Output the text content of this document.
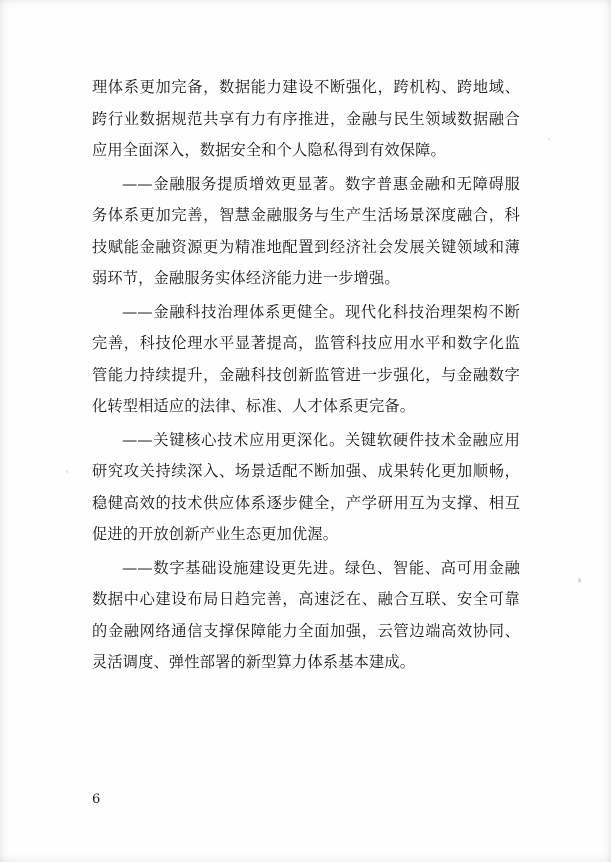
理体系更加完备，数据能力建设不断强化，跨机构、跨地域、跨行业数据规范共享有力有序推进，金融与民生领域数据融合应用全面深入，数据安全和个人隐私得到有效保障。

——金融服务提质增效更显著。数字普惠金融和无障碍服务体系更加完善，智慧金融服务与生产生活场景深度融合，科技赋能金融资源更为精准地配置到经济社会发展关键领域和薄弱环节，金融服务实体经济能力进一步增强。

——金融科技治理体系更健全。现代化科技治理架构不断完善，科技伦理水平显著提高，监管科技应用水平和数字化监管能力持续提升，金融科技创新监管进一步强化，与金融数字化转型相适应的法律、标准、人才体系更完备。

——关键核心技术应用更深化。关键软硬件技术金融应用研究攻关持续深入、场景适配不断加强、成果转化更加顺畅，稳健高效的技术供应体系逐步健全，产学研用互为支撑、相互促进的开放创新产业生态更加优渥。

——数字基础设施建设更先进。绿色、智能、高可用金融数据中心建设布局日趋完善，高速泛在、融合互联、安全可靠的金融网络通信支撑保障能力全面加强，云管边端高效协同、灵活调度、弹性部署的新型算力体系基本建成。

6
